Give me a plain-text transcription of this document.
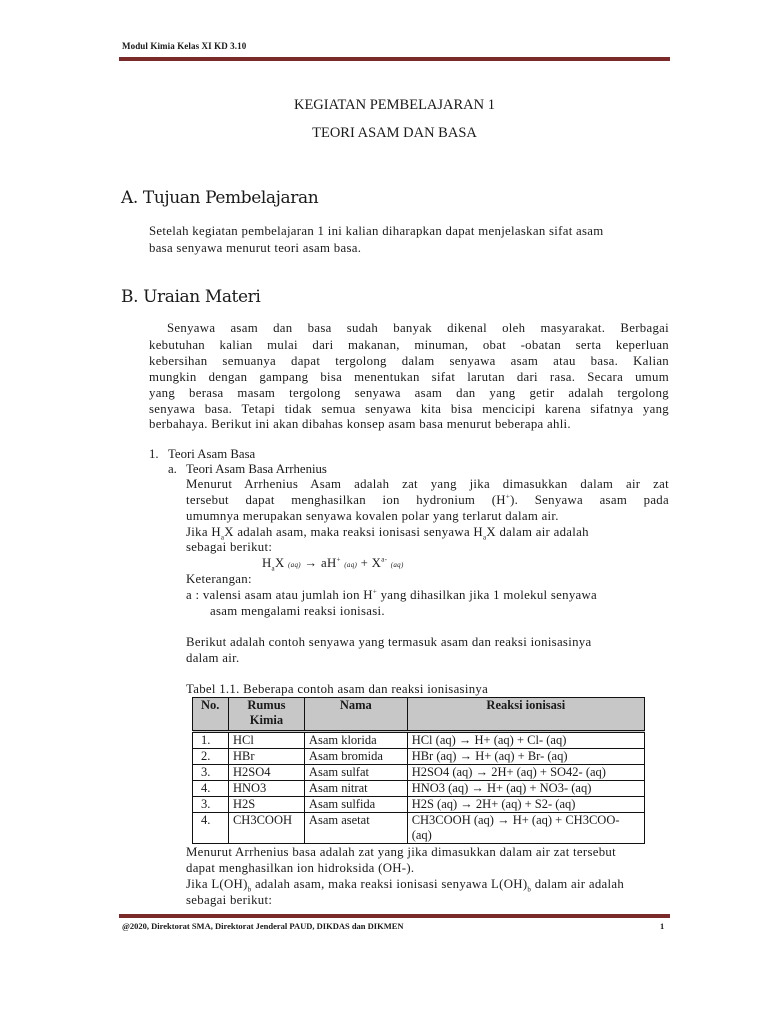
Modul Kimia Kelas XI KD 3.10
KEGIATAN PEMBELAJARAN 1
TEORI ASAM DAN BASA
A. Tujuan Pembelajaran
Setelah kegiatan pembelajaran 1 ini kalian diharapkan dapat menjelaskan sifat asam
basa senyawa menurut teori asam basa.
B. Uraian Materi
Senyawa asam dan basa sudah banyak dikenal oleh masyarakat. Berbagai
kebutuhan kalian mulai dari makanan, minuman, obat -obatan serta keperluan
kebersihan semuanya dapat tergolong dalam senyawa asam atau basa. Kalian
mungkin dengan gampang bisa menentukan sifat larutan dari rasa. Secara umum
yang berasa masam tergolong senyawa asam dan yang getir adalah tergolong
senyawa basa. Tetapi tidak semua senyawa kita bisa mencicipi karena sifatnya yang
berbahaya. Berikut ini akan dibahas konsep asam basa menurut beberapa ahli.
1. Teori Asam Basa
a. Teori Asam Basa Arrhenius
Menurut Arrhenius Asam adalah zat yang jika dimasukkan dalam air zat
tersebut dapat menghasilkan ion hydronium (H+). Senyawa asam pada
umumnya merupakan senyawa kovalen polar yang terlarut dalam air.
Jika $H_aX$ adalah asam, maka reaksi ionisasi senyawa $H_aX$ dalam air adalah
sebagai berikut:
$H_aX$ (aq) → aH+ $(aq) + X^{a-}$ (aq)
Keterangan:
a : valensi asam atau jumlah ion H+ yang dihasilkan jika 1 molekul senyawa
asam mengalami reaksi ionisasi.
Berikut adalah contoh senyawa yang termasuk asam dan reaksi ionisasinya
dalam air.
Tabel 1.1. Beberapa contoh asam dan reaksi ionisasinya
No.	Rumus Kimia	Nama	Reaksi ionisasi
1.	HCl	Asam klorida	HCl (aq) → H+ (aq) + Cl- (aq)
2.	HBr	Asam bromida	HBr (aq) → H+ (aq) + Br- (aq)
3.	H2SO4	Asam sulfat	H2SO4 (aq) → 2H+ (aq) + SO42- (aq)
4.	HNO3	Asam nitrat	HNO3 (aq) → H+ (aq) + NO3- (aq)
3.	H2S	Asam sulfida	H2S (aq) → 2H+ (aq) + S2- (aq)
4.	CH3COOH	Asam asetat	CH3COOH (aq) → H+ (aq) + CH3COO- (aq)
Menurut Arrhenius basa adalah zat yang jika dimasukkan dalam air zat tersebut
dapat menghasilkan ion hidroksida (OH-).
Jika $L(OH)_b$ adalah asam, maka reaksi ionisasi senyawa $L(OH)_b$ dalam air adalah
sebagai berikut:
@2020, Direktorat SMA, Direktorat Jenderal PAUD, DIKDAS dan DIKMEN	1
